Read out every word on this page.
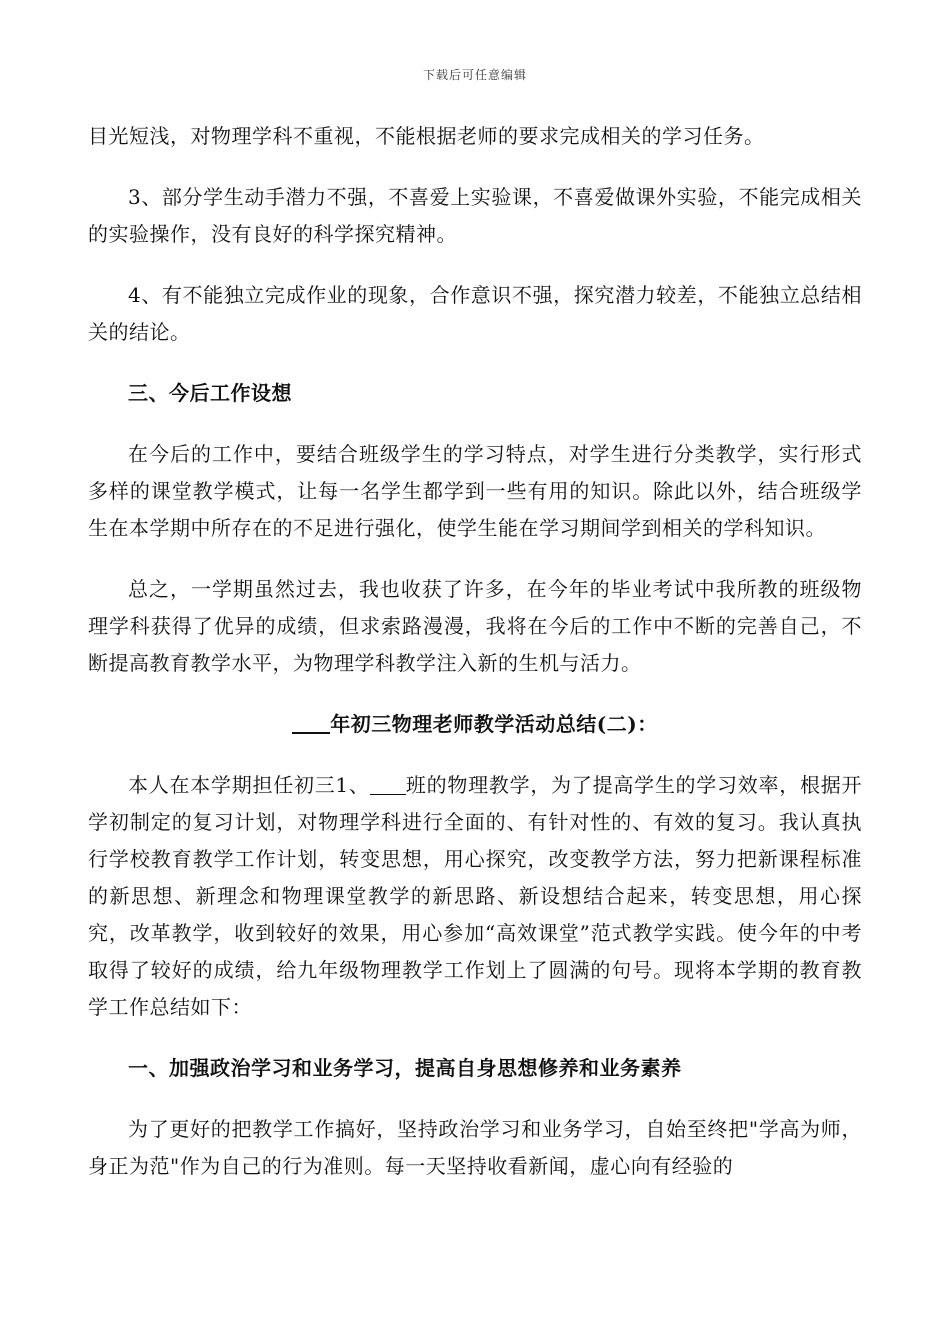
下载后可任意编辑

目光短浅，对物理学科不重视，不能根据老师的要求完成相关的学习任务。

3、部分学生动手潜力不强，不喜爱上实验课，不喜爱做课外实验，不能完成相关的实验操作，没有良好的科学探究精神。

4、有不能独立完成作业的现象，合作意识不强，探究潜力较差，不能独立总结相关的结论。

三、今后工作设想

在今后的工作中，要结合班级学生的学习特点，对学生进行分类教学，实行形式多样的课堂教学模式，让每一名学生都学到一些有用的知识。除此以外，结合班级学生在本学期中所存在的不足进行强化，使学生能在学习期间学到相关的学科知识。

总之，一学期虽然过去，我也收获了许多，在今年的毕业考试中我所教的班级物理学科获得了优异的成绩，但求索路漫漫，我将在今后的工作中不断的完善自己，不断提高教育教学水平，为物理学科教学注入新的生机与活力。

年初三物理老师教学活动总结(二)：

本人在本学期担任初三1、 班的物理教学，为了提高学生的学习效率，根据开学初制定的复习计划，对物理学科进行全面的、有针对性的、有效的复习。我认真执行学校教育教学工作计划，转变思想，用心探究，改变教学方法，努力把新课程标准的新思想、新理念和物理课堂教学的新思路、新设想结合起来，转变思想，用心探究，改革教学，收到较好的效果，用心参加“高效课堂”范式教学实践。使今年的中考取得了较好的成绩，给九年级物理教学工作划上了圆满的句号。现将本学期的教育教学工作总结如下：

一、加强政治学习和业务学习，提高自身思想修养和业务素养

为了更好的把教学工作搞好，坚持政治学习和业务学习，自始至终把"学高为师，身正为范"作为自己的行为准则。每一天坚持收看新闻，虚心向有经验的
